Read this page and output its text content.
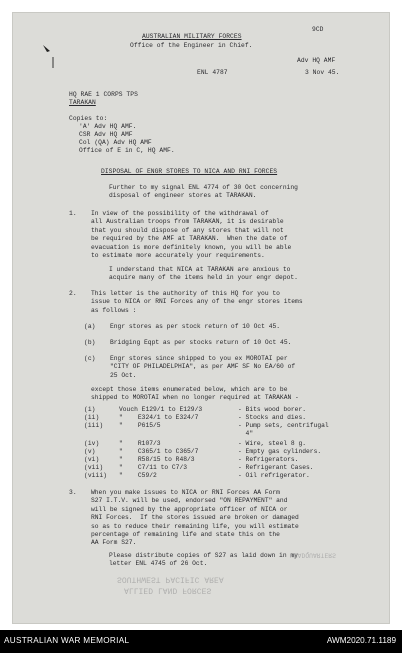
9CD
AUSTRALIAN MILITARY FORCES
Office of the Engineer in Chief.
Adv HQ AMF
ENL 4787	3 Nov 45.
HQ RAE 1 CORPS TPS
TARAKAN
Copies to:
'A' Adv HQ AMF.
CSR Adv HQ AMF
Col (QA) Adv HQ AMF
Office of E in C, HQ AMF.
DISPOSAL OF ENGR STORES TO NICA AND RNI FORCES
Further to my signal ENL 4774 of 30 Oct concerning
disposal of engineer stores at TARAKAN.
1. In view of the possibility of the withdrawal of
all Australian troops from TARAKAN, it is desirable
that you should dispose of any stores that will not
be required by the AMF at TARAKAN.  When the date of
evacuation is more definitely known, you will be able
to estimate more accurately your requirements.
I understand that NICA at TARAKAN are anxious to
acquire many of the items held in your engr depot.
2. This letter is the authority of this HQ for you to
issue to NICA or RNI Forces any of the engr stores items
as follows :
(a) Engr stores as per stock return of 10 Oct 45.
(b) Bridging Eqpt as per stocks return of 10 Oct 45.
(c) Engr stores since shipped to you ex MOROTAI per
"CITY OF PHILADELPHIA", as per AMF SF No EA/60 of
25 Oct.
except those items enumerated below, which are to be
shipped to MOROTAI when no longer required at TARAKAN -
(i)	Vouch E129/1 to E129/3	- Bits wood borer.
(ii)	"    E324/1 to E324/7	- Stocks and dies.
(iii)	"    P615/5	- Pump sets, centrifugal
4"
(iv)	"    R107/3	- Wire, steel 8 g.
(v)	"    C365/1 to C365/7	- Empty gas cylinders.
(vi)	"    R58/15 to R48/3	- Refrigerators.
(vii)	"    C7/11 to C7/3	- Refrigerant Cases.
(viii) "    C59/2	- Oil refrigerator.
3. When you make issues to NICA or RNI Forces AA Form
S27 I.T.V. will be used, endorsed "ON REPAYMENT" and
will be signed by the appropriate officer of NICA or
RNI Forces.  If the stores issued are broken or damaged
so as to reduce their remaining life, you will estimate
percentage of remaining life and state this on the
AA Form S27.
Please distribute copies of S27 as laid down in my
letter ENL 4745 of 26 Oct.
HEADQUARTERS
SOUTHWEST PACIFIC AREA
ALLIED LAND FORCES
AUSTRALIAN WAR MEMORIAL	AWM2020.71.1189
